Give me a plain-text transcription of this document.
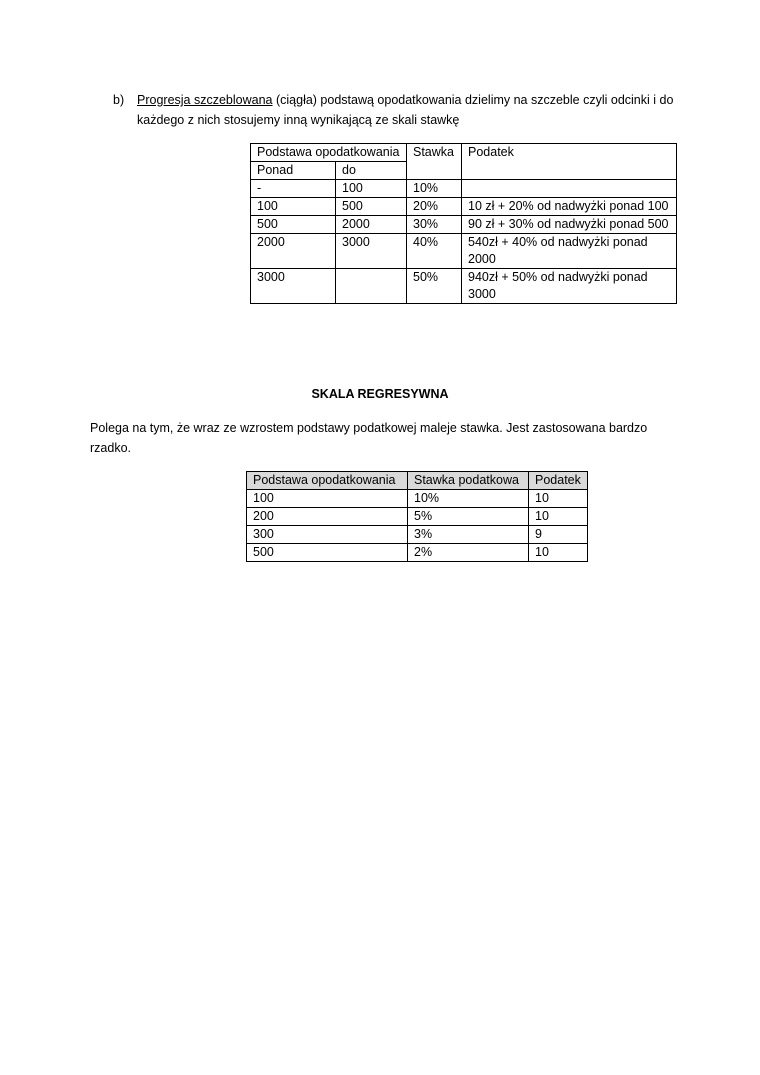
b) Progresja szczeblowana (ciągła) podstawą opodatkowania dzielimy na szczeble czyli odcinki i do każdego z nich stosujemy inną wynikającą ze skali stawkę
Podstawa opodatkowania		Stawka	Podatek
Ponad	do		
-	100	10%	
100	500	20%	10 zł + 20% od nadwyżki ponad 100
500	2000	30%	90 zł + 30% od nadwyżki ponad 500
2000	3000	40%	540zł + 40% od nadwyżki ponad 2000
3000		50%	940zł + 50% od nadwyżki ponad 3000
SKALA REGRESYWNA
Polega na tym, że wraz ze wzrostem podstawy podatkowej maleje stawka. Jest zastosowana bardzo rzadko.
Podstawa opodatkowania	Stawka podatkowa	Podatek
100	10%	10
200	5%	10
300	3%	9
500	2%	10
